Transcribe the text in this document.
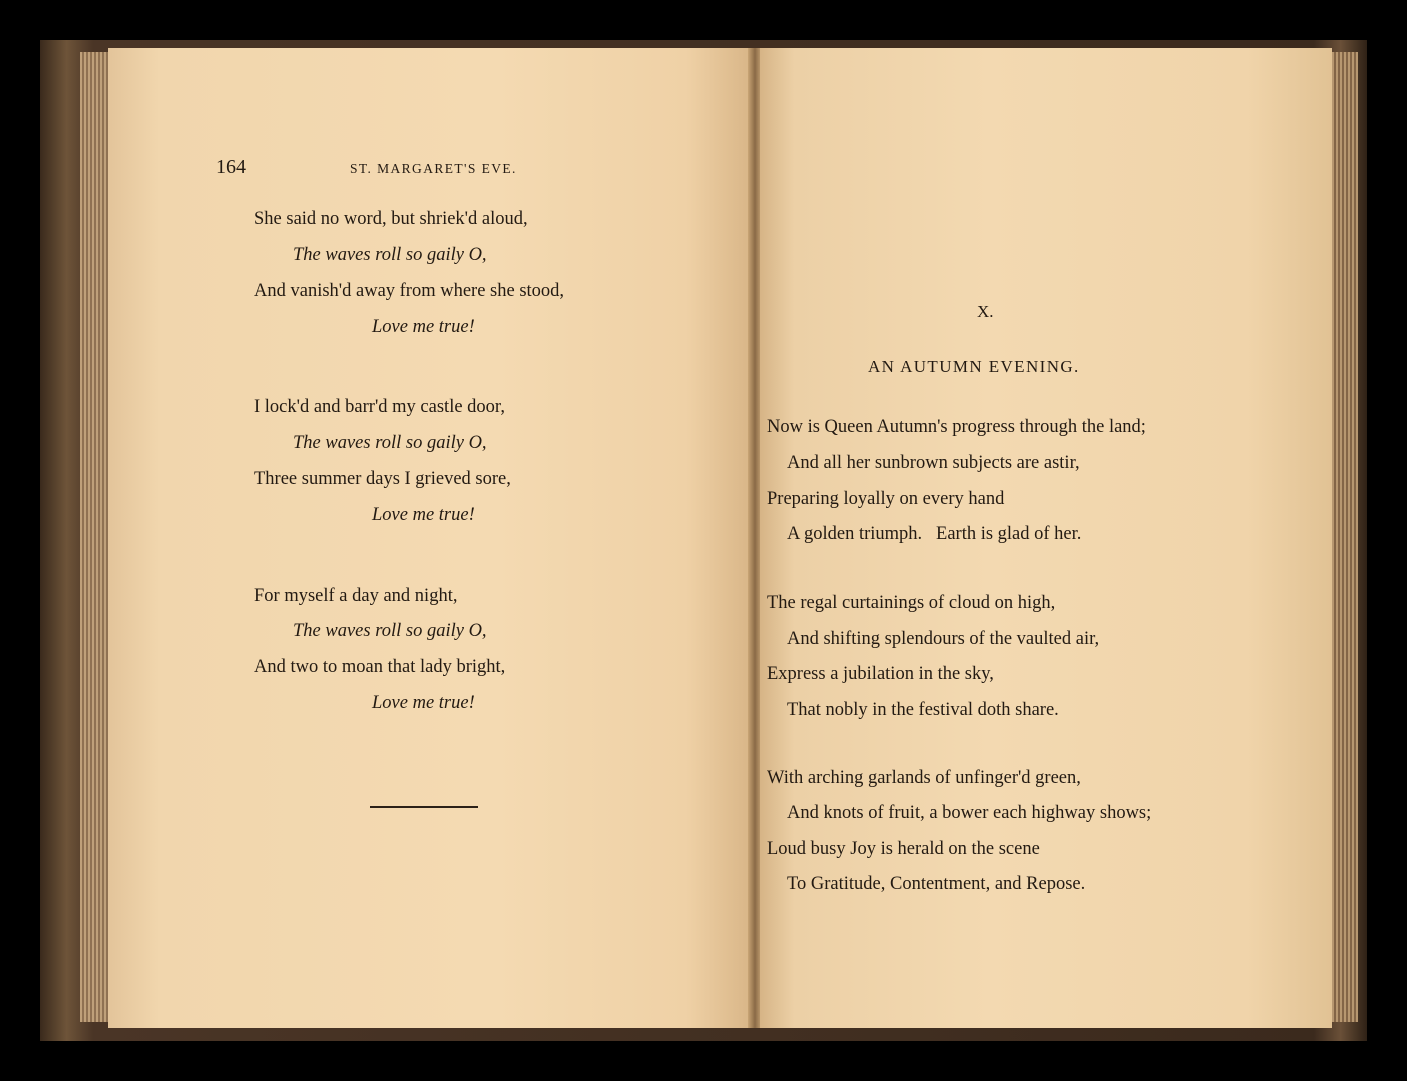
164	ST. MARGARET'S EVE.
She said no word, but shriek'd aloud,
The waves roll so gaily O,
And vanish'd away from where she stood,
Love me true!
I lock'd and barr'd my castle door,
The waves roll so gaily O,
Three summer days I grieved sore,
Love me true!
For myself a day and night,
The waves roll so gaily O,
And two to moan that lady bright,
Love me true!
X.
AN AUTUMN EVENING.
Now is Queen Autumn's progress through the land;
And all her sunbrown subjects are astir,
Preparing loyally on every hand
A golden triumph.   Earth is glad of her.
The regal curtainings of cloud on high,
And shifting splendours of the vaulted air,
Express a jubilation in the sky,
That nobly in the festival doth share.
With arching garlands of unfinger'd green,
And knots of fruit, a bower each highway shows;
Loud busy Joy is herald on the scene
To Gratitude, Contentment, and Repose.
